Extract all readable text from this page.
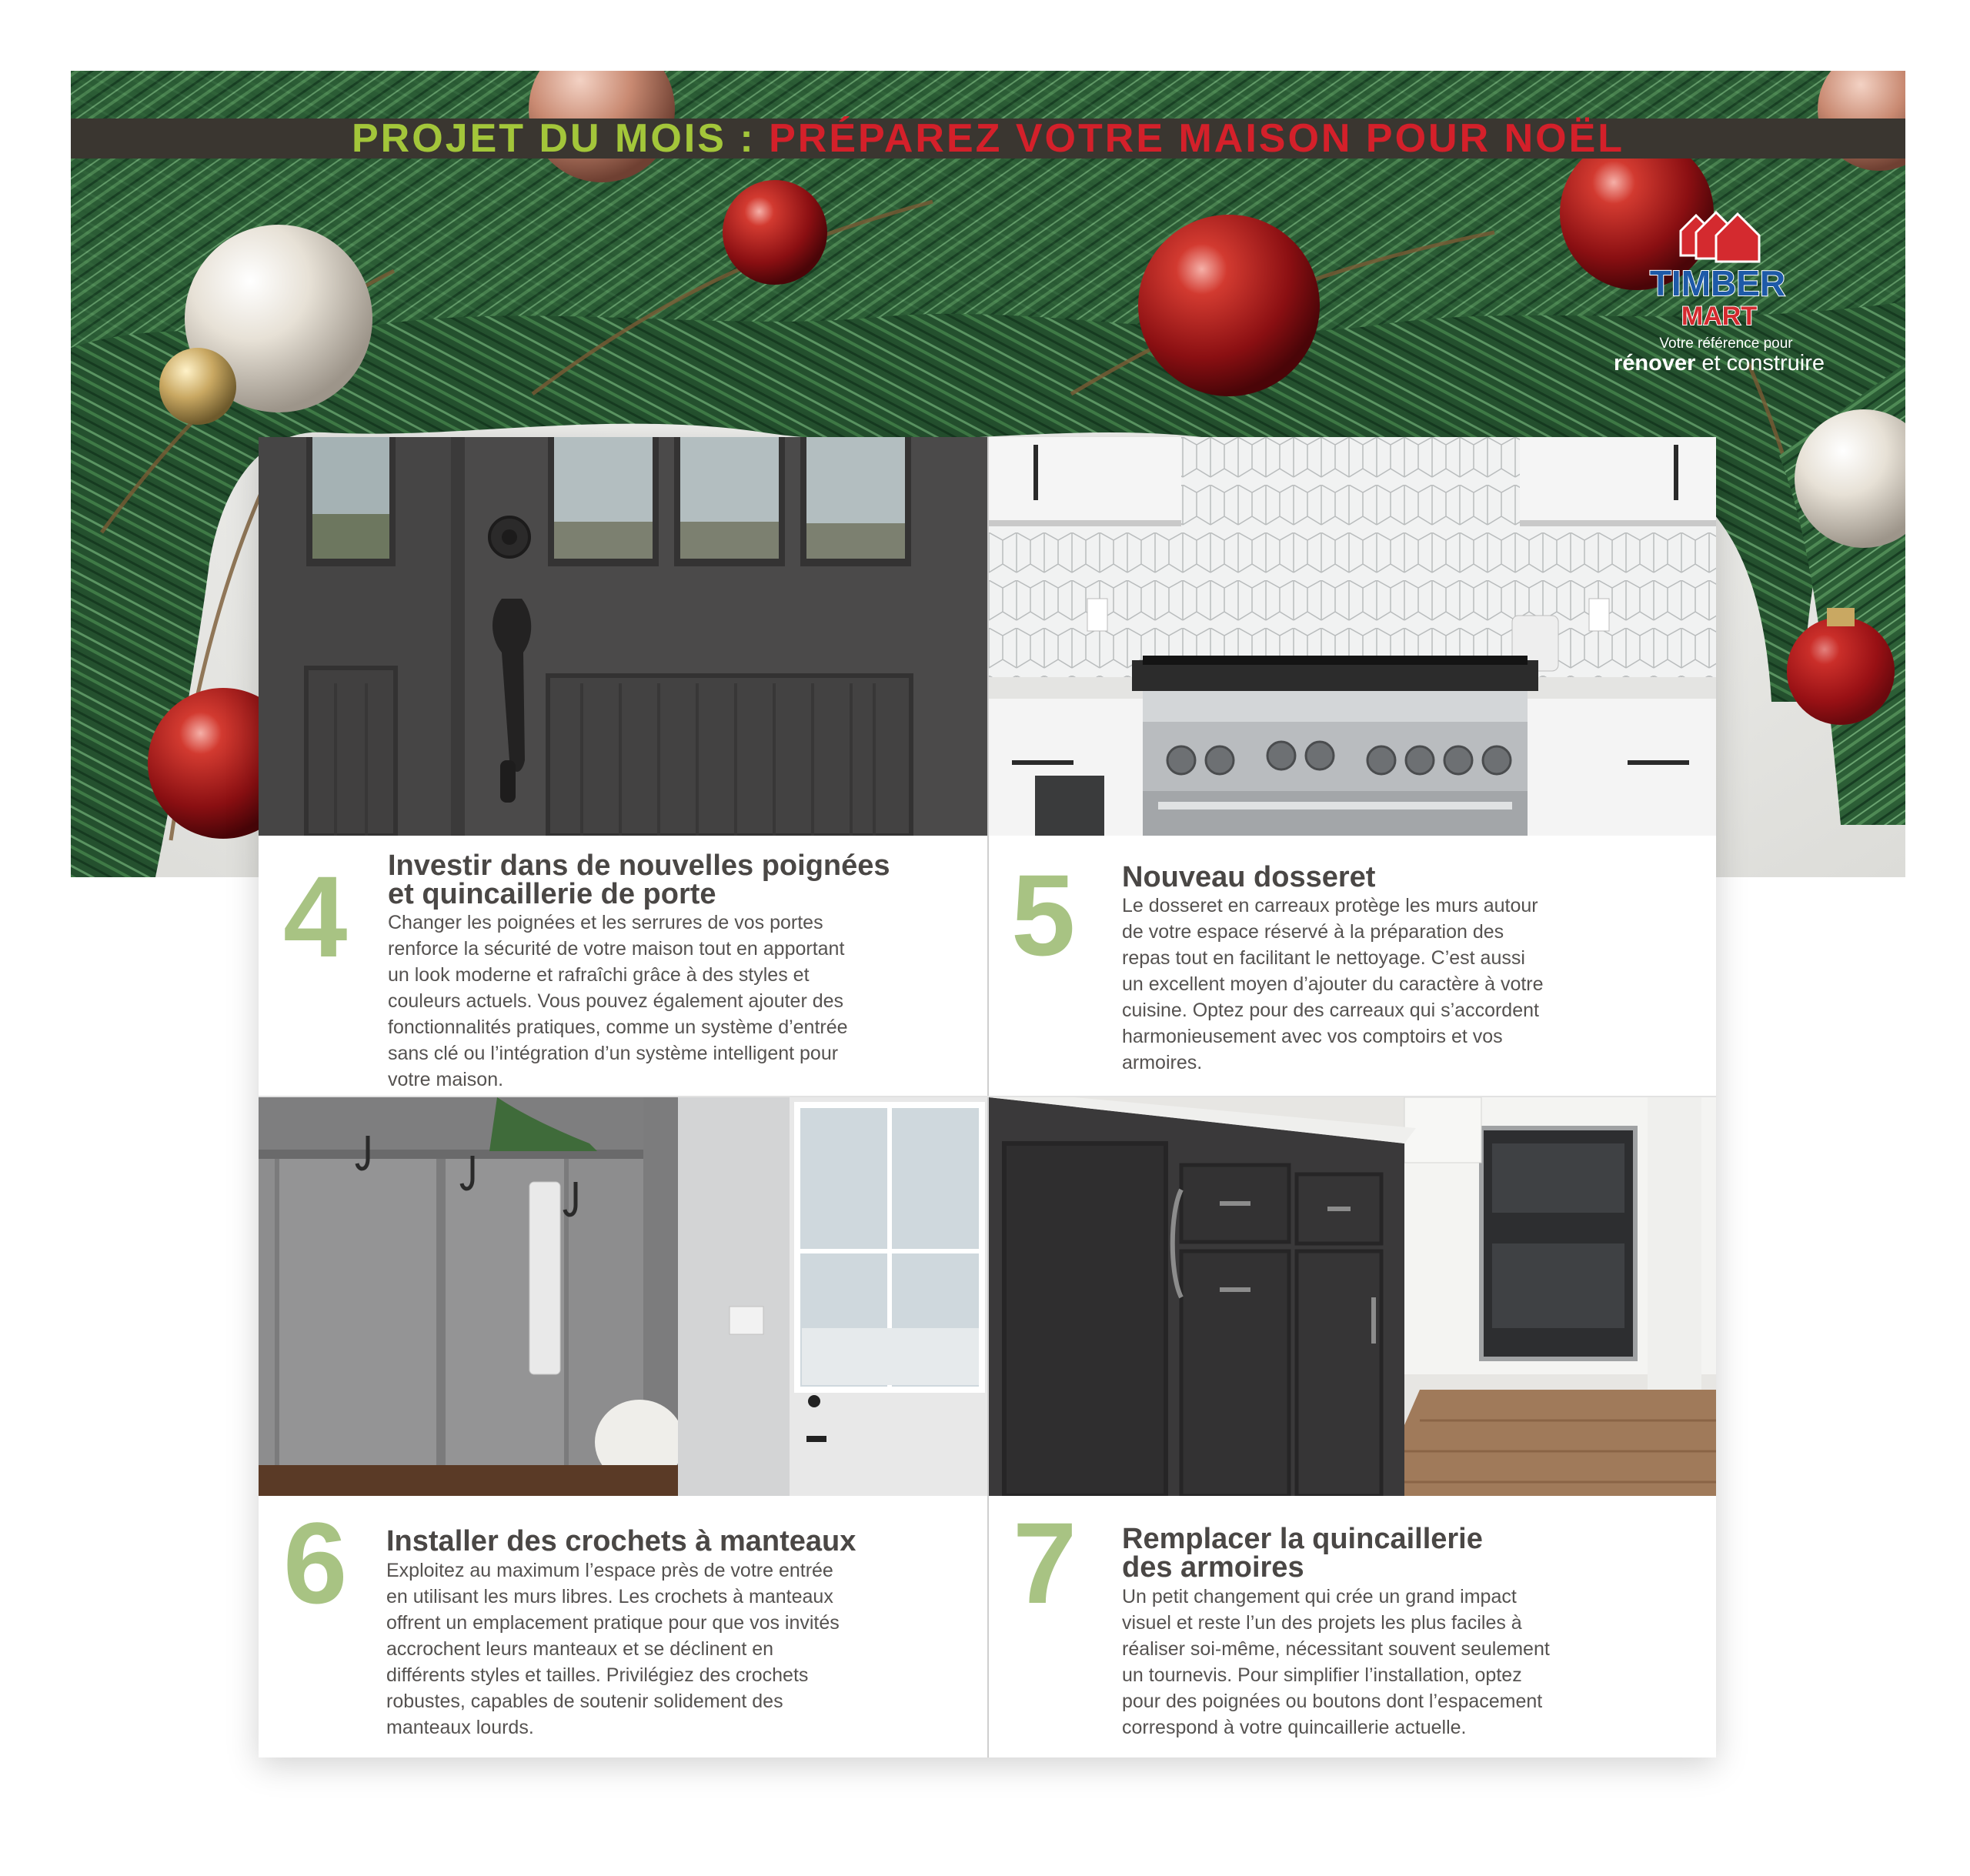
PROJET DU MOIS : PRÉPAREZ VOTRE MAISON POUR NOËL
TIMBER
MART
Votre référence pour
rénover et construire
4 Investir dans de nouvelles poignées
et quincaillerie de porte
Changer les poignées et les serrures de vos portes
renforce la sécurité de votre maison tout en apportant
un look moderne et rafraîchi grâce à des styles et
couleurs actuels. Vous pouvez également ajouter des
fonctionnalités pratiques, comme un système d’entrée
sans clé ou l’intégration d’un système intelligent pour
votre maison.
5 Nouveau dosseret
Le dosseret en carreaux protège les murs autour
de votre espace réservé à la préparation des
repas tout en facilitant le nettoyage. C’est aussi
un excellent moyen d’ajouter du caractère à votre
cuisine. Optez pour des carreaux qui s’accordent
harmonieusement avec vos comptoirs et vos
armoires.
6 Installer des crochets à manteaux
Exploitez au maximum l’espace près de votre entrée
en utilisant les murs libres. Les crochets à manteaux
offrent un emplacement pratique pour que vos invités
accrochent leurs manteaux et se déclinent en
différents styles et tailles. Privilégiez des crochets
robustes, capables de soutenir solidement des
manteaux lourds.
7 Remplacer la quincaillerie
des armoires
Un petit changement qui crée un grand impact
visuel et reste l’un des projets les plus faciles à
réaliser soi-même, nécessitant souvent seulement
un tournevis. Pour simplifier l’installation, optez
pour des poignées ou boutons dont l’espacement
correspond à votre quincaillerie actuelle.
